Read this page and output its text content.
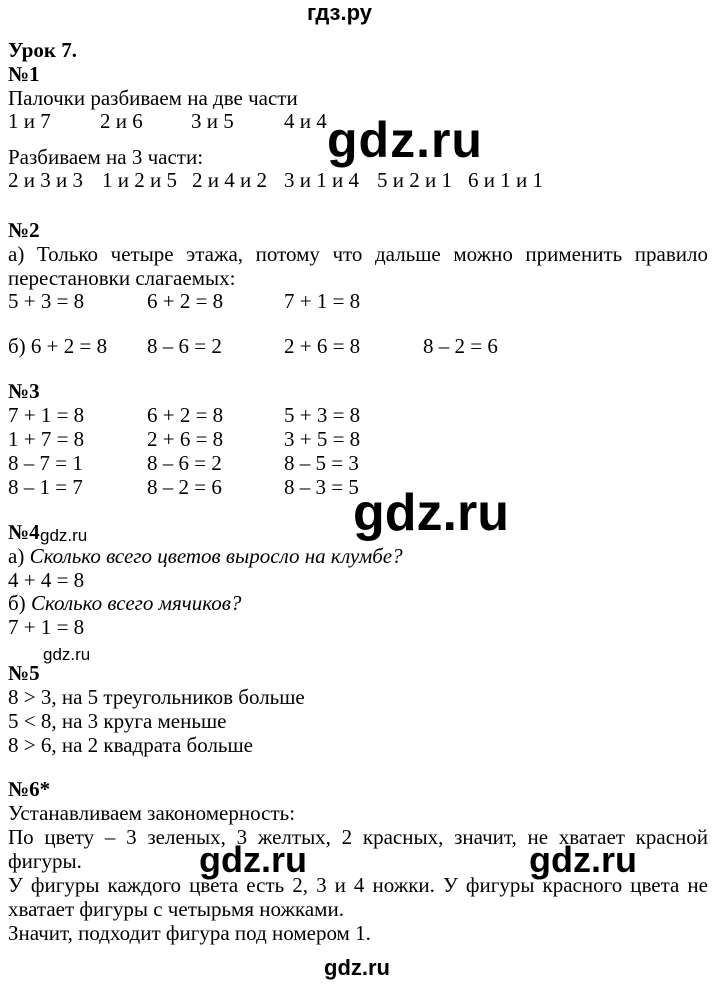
гдз.ру
Урок 7.
№1
Палочки разбиваем на две части
1 и 7 2 и 6 3 и 5 4 и 4
Разбиваем на 3 части:
2 и 3 и 3 1 и 2 и 5 2 и 4 и 2 3 и 1 и 4 5 и 2 и 1 6 и 1 и 1
gdz.ru
№2
а) Только четыре этажа, потому что дальше можно применить правило
перестановки слагаемых:
5 + 3 = 8	6 + 2 = 8	7 + 1 = 8
б) 6 + 2 = 8 8 – 6 = 2	2 + 6 = 8	8 – 2 = 6
№3
7 + 1 = 8	6 + 2 = 8	5 + 3 = 8
1 + 7 = 8	2 + 6 = 8	3 + 5 = 8
8 – 7 = 1	8 – 6 = 2	8 – 5 = 3
8 – 1 = 7	8 – 2 = 6	8 – 3 = 5
gdz.ru
№4 gdz.ru
а) Сколько всего цветов выросло на клумбе?
4 + 4 = 8
б) Сколько всего мячиков?
7 + 1 = 8
gdz.ru
№5
8 > 3, на 5 треугольников больше
5 < 8, на 3 круга меньше
8 > 6, на 2 квадрата больше
№6*
Устанавливаем закономерность:
По цвету – 3 зеленых, 3 желтых, 2 красных, значит, не хватает красной
фигуры.
У фигуры каждого цвета есть 2, 3 и 4 ножки. У фигуры красного цвета не
хватает фигуры с четырьмя ножками.
Значит, подходит фигура под номером 1.
gdz.ru	gdz.ru
gdz.ru
